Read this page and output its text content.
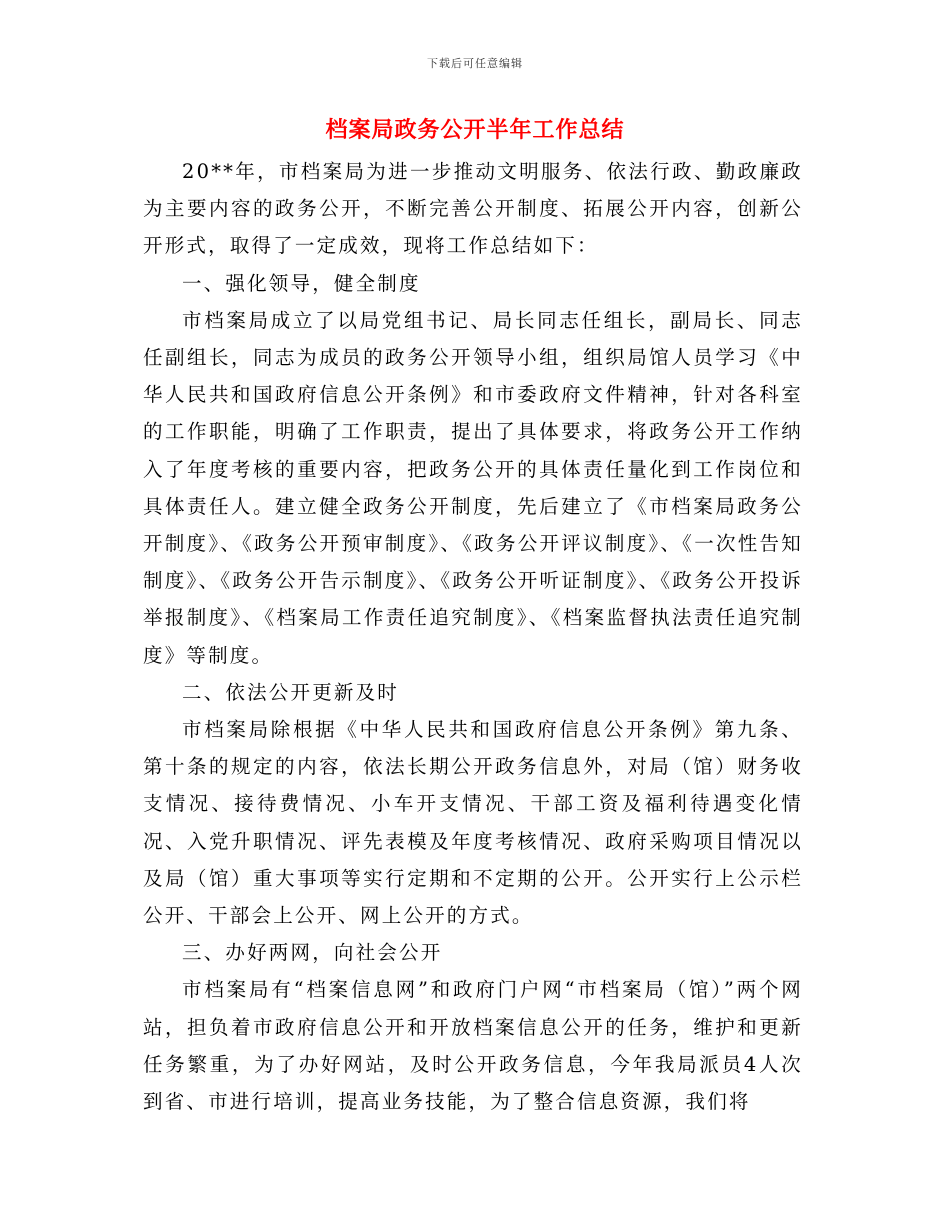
下载后可任意编辑
档案局政务公开半年工作总结

20**年，市档案局为进一步推动文明服务、依法行政、勤政廉政为主要内容的政务公开，不断完善公开制度、拓展公开内容，创新公开形式，取得了一定成效，现将工作总结如下：

一、强化领导，健全制度

市档案局成立了以局党组书记、局长同志任组长，副局长、同志任副组长，同志为成员的政务公开领导小组，组织局馆人员学习《中华人民共和国政府信息公开条例》和市委政府文件精神，针对各科室的工作职能，明确了工作职责，提出了具体要求，将政务公开工作纳入了年度考核的重要内容，把政务公开的具体责任量化到工作岗位和具体责任人。建立健全政务公开制度，先后建立了《市档案局政务公开制度》、《政务公开预审制度》、《政务公开评议制度》、《一次性告知制度》、《政务公开告示制度》、《政务公开听证制度》、《政务公开投诉举报制度》、《档案局工作责任追究制度》、《档案监督执法责任追究制度》等制度。

二、依法公开更新及时

市档案局除根据《中华人民共和国政府信息公开条例》第九条、第十条的规定的内容，依法长期公开政务信息外，对局（馆）财务收支情况、接待费情况、小车开支情况、干部工资及福利待遇变化情况、入党升职情况、评先表模及年度考核情况、政府采购项目情况以及局（馆）重大事项等实行定期和不定期的公开。公开实行上公示栏公开、干部会上公开、网上公开的方式。

三、办好两网，向社会公开

市档案局有“档案信息网”和政府门户网“市档案局（馆）”两个网站，担负着市政府信息公开和开放档案信息公开的任务，维护和更新任务繁重，为了办好网站，及时公开政务信息，今年我局派员4人次到省、市进行培训，提高业务技能，为了整合信息资源，我们将
